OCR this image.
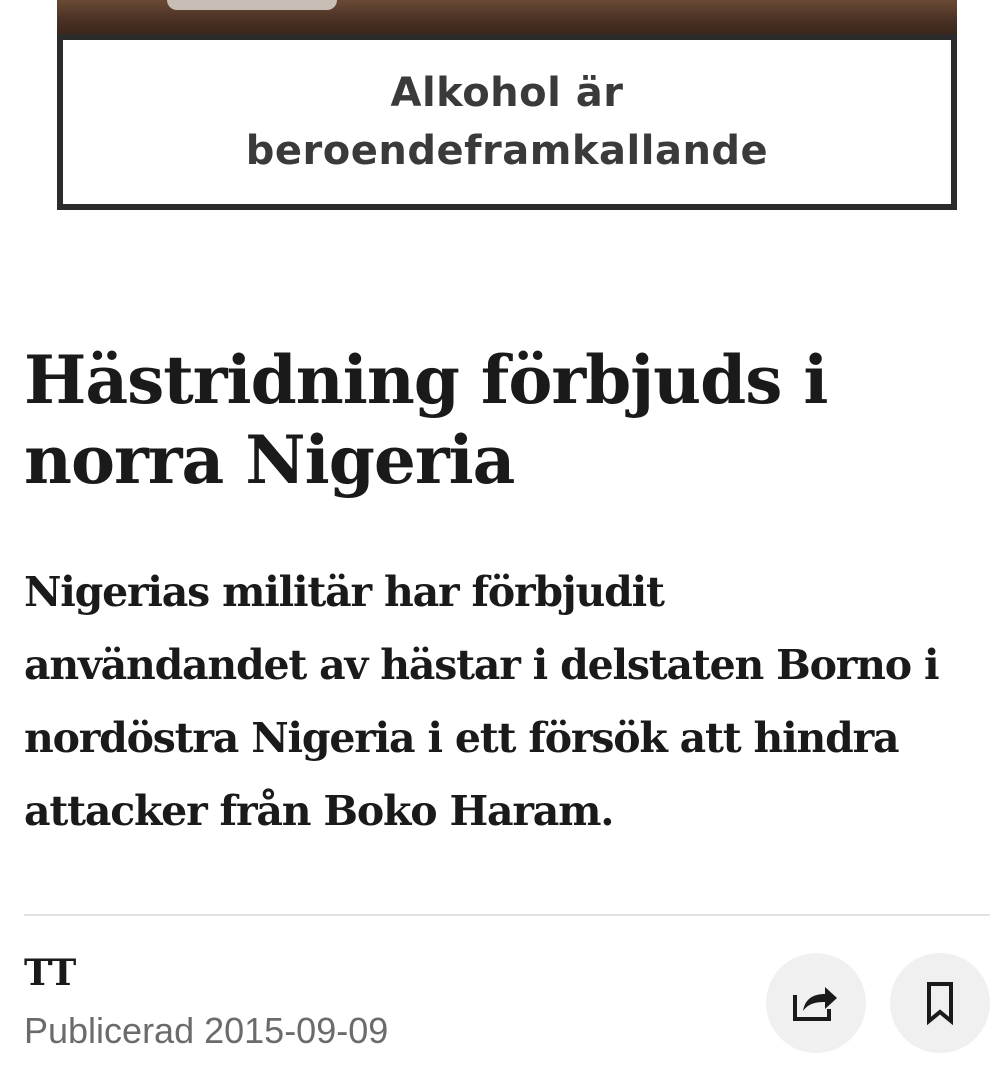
Alkohol är
beroendeframkallande
Hästridning förbjuds i
norra Nigeria

Nigerias militär har förbjudit
användandet av hästar i delstaten Borno i
nordöstra Nigeria i ett försök att hindra
attacker från Boko Haram.

TT
Publicerad 2015-09-09
